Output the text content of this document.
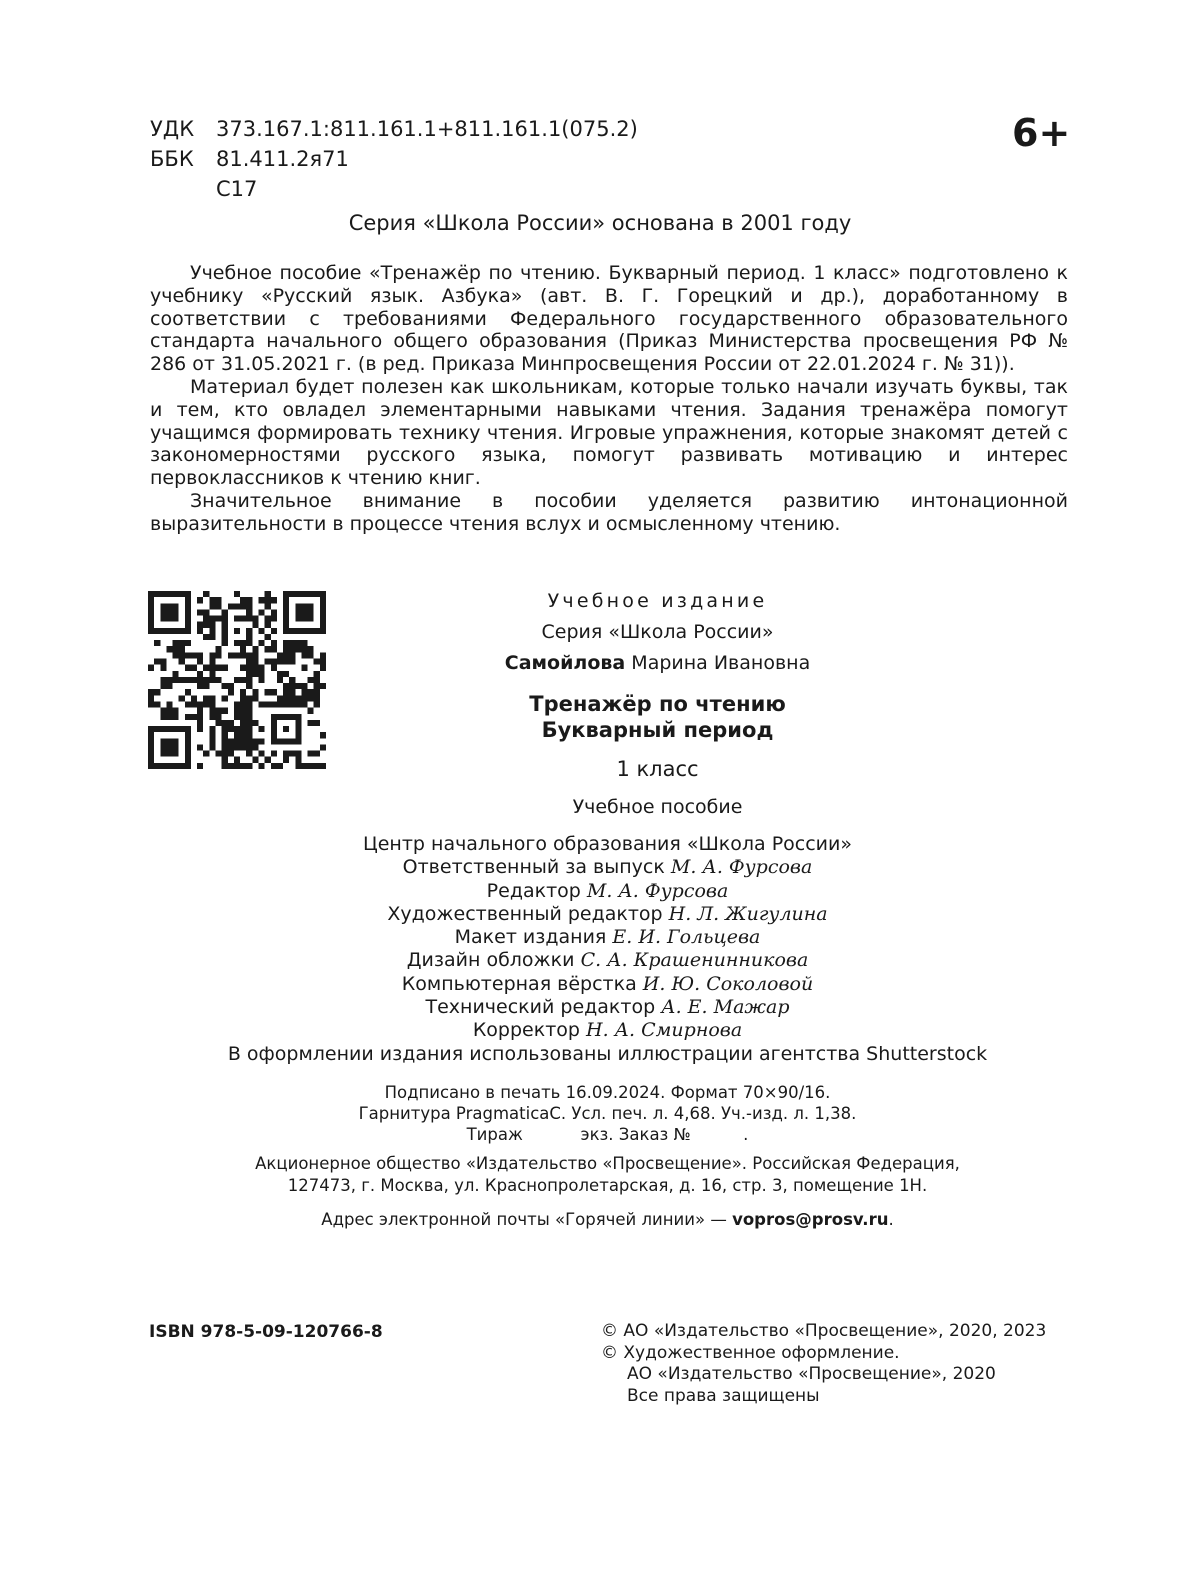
УДК	373.167.1:811.161.1+811.161.1(075.2)
ББК	81.411.2я71
С17
6+
Серия «Школа России» основана в 2001 году

Учебное пособие «Тренажёр по чтению. Букварный период. 1 класс» подготовлено к учебнику «Русский язык. Азбука» (авт. В. Г. Горецкий и др.), доработанному в соответствии с требованиями Федерального государственного образовательного стандарта начального общего образования (Приказ Министерства просвещения РФ № 286 от 31.05.2021 г. (в ред. Приказа Минпросвещения России от 22.01.2024 г. № 31)).

Материал будет полезен как школьникам, которые только начали изучать буквы, так и тем, кто овладел элементарными навыками чтения. Задания тренажёра помогут учащимся формировать технику чтения. Игровые упражнения, которые знакомят детей с закономерностями русского языка, помогут развивать мотивацию и интерес первоклассников к чтению книг.

Значительное внимание в пособии уделяется развитию интонационной выразительности в процессе чтения вслух и осмысленному чтению.

Учебное издание
Серия «Школа России»
Самойлова Марина Ивановна
Тренажёр по чтению
Букварный период
1 класс
Учебное пособие
Центр начального образования «Школа России»
Ответственный за выпуск М. А. Фурсова
Редактор М. А. Фурсова
Художественный редактор Н. Л. Жигулина
Макет издания Е. И. Гольцева
Дизайн обложки С. А. Крашенинникова
Компьютерная вёрстка И. Ю. Соколовой
Технический редактор А. Е. Мажар
Корректор Н. А. Смирнова
В оформлении издания использованы иллюстрации агентства Shutterstock
Подписано в печать 16.09.2024. Формат 70×90/16.
Гарнитура PragmaticaC. Усл. печ. л. 4,68. Уч.-изд. л. 1,38.
Тираж           экз. Заказ №          .
Акционерное общество «Издательство «Просвещение». Российская Федерация,
127473, г. Москва, ул. Краснопролетарская, д. 16, стр. 3, помещение 1Н.
Адрес электронной почты «Горячей линии» — vopros@prosv.ru.
ISBN 978-5-09-120766-8	© АО «Издательство «Просвещение», 2020, 2023
© Художественное оформление.
АО «Издательство «Просвещение», 2020
Все права защищены
